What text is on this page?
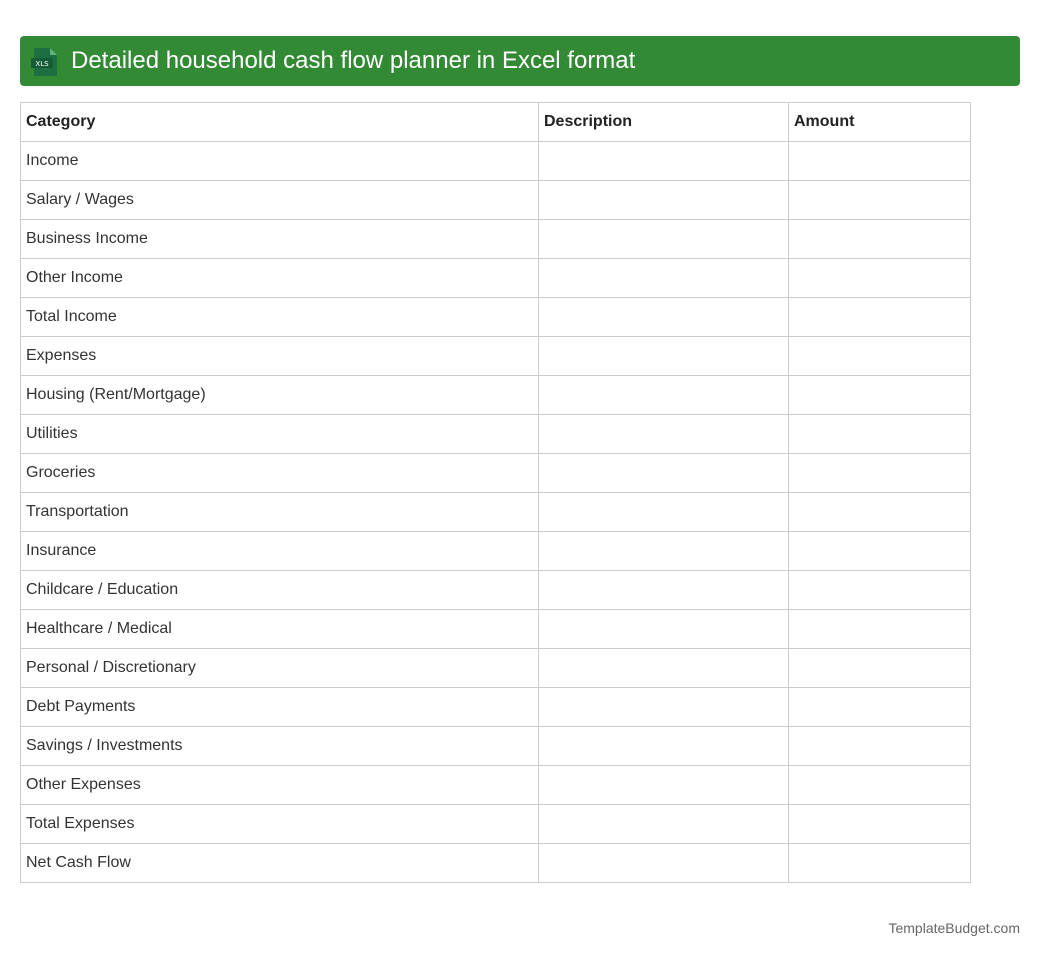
XLS Detailed household cash flow planner in Excel format
Category	Description	Amount
Income		
Salary / Wages		
Business Income		
Other Income		
Total Income		
Expenses		
Housing (Rent/Mortgage)		
Utilities		
Groceries		
Transportation		
Insurance		
Childcare / Education		
Healthcare / Medical		
Personal / Discretionary		
Debt Payments		
Savings / Investments		
Other Expenses		
Total Expenses		
Net Cash Flow		
TemplateBudget.com
